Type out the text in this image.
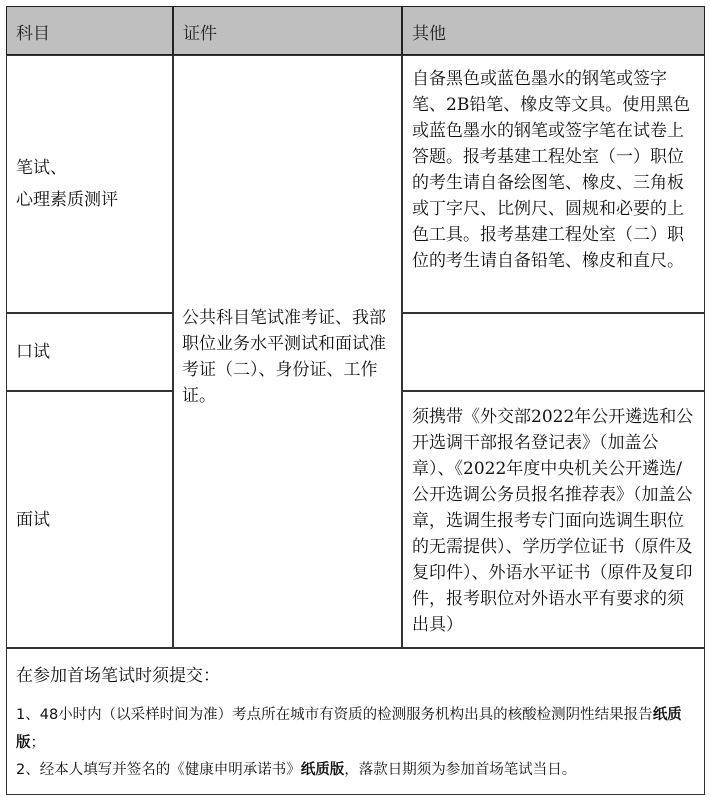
科目	证件	其他
笔试、
心理素质测评
口试
面试
公共科目笔试准考证、我部职位业务水平测试和面试准考证（二）、身份证、工作证。
自备黑色或蓝色墨水的钢笔或签字笔、2B铅笔、橡皮等文具。使用黑色或蓝色墨水的钢笔或签字笔在试卷上答题。报考基建工程处室（一）职位的考生请自备绘图笔、橡皮、三角板或丁字尺、比例尺、圆规和必要的上色工具。报考基建工程处室（二）职位的考生请自备铅笔、橡皮和直尺。
须携带《外交部2022年公开遴选和公开选调干部报名登记表》（加盖公章）、《2022年度中央机关公开遴选/公开选调公务员报名推荐表》（加盖公章，选调生报考专门面向选调生职位的无需提供）、学历学位证书（原件及复印件）、外语水平证书（原件及复印件，报考职位对外语水平有要求的须出具）
在参加首场笔试时须提交：
1、48小时内（以采样时间为准）考点所在城市有资质的检测服务机构出具的核酸检测阴性结果报告纸质版；
2、经本人填写并签名的《健康申明承诺书》纸质版，落款日期须为参加首场笔试当日。
